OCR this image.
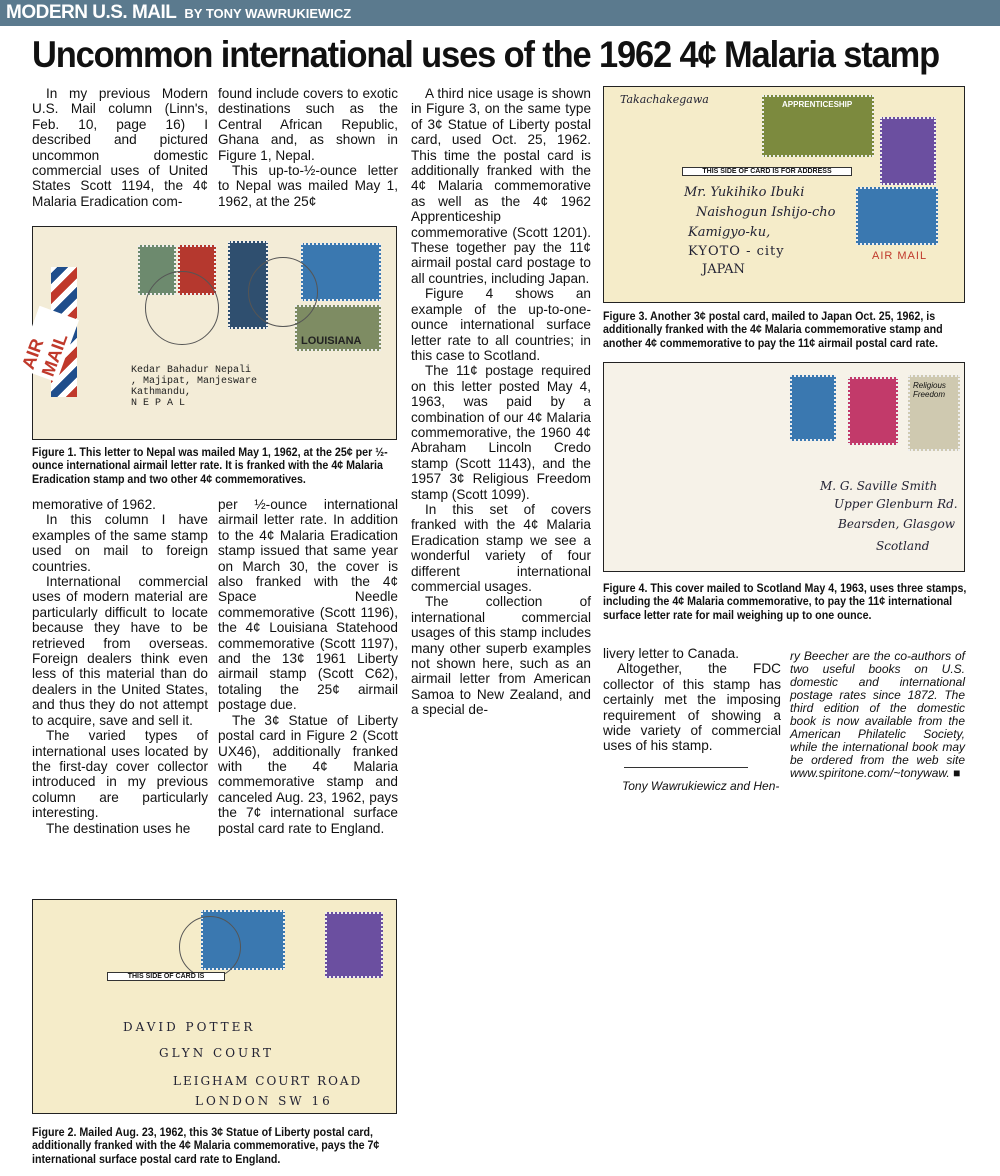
MODERN U.S. MAIL BY TONY WAWRUKIEWICZ
Uncommon international uses of the 1962 4¢ Malaria stamp

In my previous Modern U.S. Mail column (Linn's, Feb. 10, page 16) I described and pictured uncommon domestic commercial uses of United States Scott 1194, the 4¢ Malaria Eradication com-

found include covers to exotic destinations such as the Central African Republic, Ghana and, as shown in Figure 1, Nepal.

This up-to-½-ounce letter to Nepal was mailed May 1, 1962, at the 25¢

AIR MAIL	LOUISIANA
Kedar Bahadur Nepali
, Majipat, Manjesware
Kathmandu,
N E P A L
Figure 1. This letter to Nepal was mailed May 1, 1962, at the 25¢ per ½-ounce international airmail letter rate. It is franked with the 4¢ Malaria Eradication stamp and two other 4¢ commemoratives.

memorative of 1962.

In this column I have examples of the same stamp used on mail to foreign countries.

International commercial uses of modern material are particularly difficult to locate because they have to be retrieved from overseas. Foreign dealers think even less of this material than do dealers in the United States, and thus they do not attempt to acquire, save and sell it.

The varied types of international uses located by the first-day cover collector introduced in my previous column are particularly interesting.

The destination uses he

per ½-ounce international airmail letter rate. In addition to the 4¢ Malaria Eradication stamp issued that same year on March 30, the cover is also franked with the 4¢ Space Needle commemorative (Scott 1196), the 4¢ Louisiana Statehood commemorative (Scott 1197), and the 13¢ 1961 Liberty airmail stamp (Scott C62), totaling the 25¢ airmail postage due.

The 3¢ Statue of Liberty postal card in Figure 2 (Scott UX46), additionally franked with the 4¢ Malaria commemorative stamp and canceled Aug. 23, 1962, pays the 7¢ international surface postal card rate to England.

A third nice usage is shown in Figure 3, on the same type of 3¢ Statue of Liberty postal card, used Oct. 25, 1962. This time the postal card is additionally franked with the 4¢ Malaria commemorative as well as the 4¢ 1962 Apprenticeship commemorative (Scott 1201). These together pay the 11¢ airmail postal card postage to all countries, including Japan.

Figure 4 shows an example of the up-to-one-ounce international surface letter rate to all countries; in this case to Scotland.

The 11¢ postage required on this letter posted May 4, 1963, was paid by a combination of our 4¢ Malaria commemorative, the 1960 4¢ Abraham Lincoln Credo stamp (Scott 1143), and the 1957 3¢ Religious Freedom stamp (Scott 1099).

In this set of covers franked with the 4¢ Malaria Eradication stamp we see a wonderful variety of four different international commercial usages.

The collection of international commercial usages of this stamp includes many other superb examples not shown here, such as an airmail letter from American Samoa to New Zealand, and a special de-

Takachakegawa	APPRENTICESHIP
THIS SIDE OF CARD IS FOR ADDRESS
Mr. Yukihiko Ibuki
Naishogun Ishijo-cho
Kamigyo-ku,
KYOTO - city
JAPAN
AIR MAIL
Figure 3. Another 3¢ postal card, mailed to Japan Oct. 25, 1962, is additionally franked with the 4¢ Malaria commemorative stamp and another 4¢ commemorative to pay the 11¢ airmail postal card rate.
Religious Freedom
M. G. Saville Smith
Upper Glenburn Rd.
Bearsden, Glasgow
Scotland
Figure 4. This cover mailed to Scotland May 4, 1963, uses three stamps, including the 4¢ Malaria commemorative, to pay the 11¢ international surface letter rate for mail weighing up to one ounce.

livery letter to Canada.

Altogether, the FDC collector of this stamp has certainly met the imposing requirement of showing a wide variety of commercial uses of his stamp.

Tony Wawrukiewicz and Hen-
ry Beecher are the co-authors of two useful books on U.S. domestic and international postage rates since 1872. The third edition of the domestic book is now available from the American Philatelic Society, while the international book may be ordered from the web site www.spiritone.com/~tonywaw. ■
THIS SIDE OF CARD IS
DAVID POTTER
GLYN COURT
LEIGHAM COURT ROAD
LONDON SW 16
Figure 2. Mailed Aug. 23, 1962, this 3¢ Statue of Liberty postal card, additionally franked with the 4¢ Malaria commemorative, pays the 7¢ international surface postal card rate to England.
